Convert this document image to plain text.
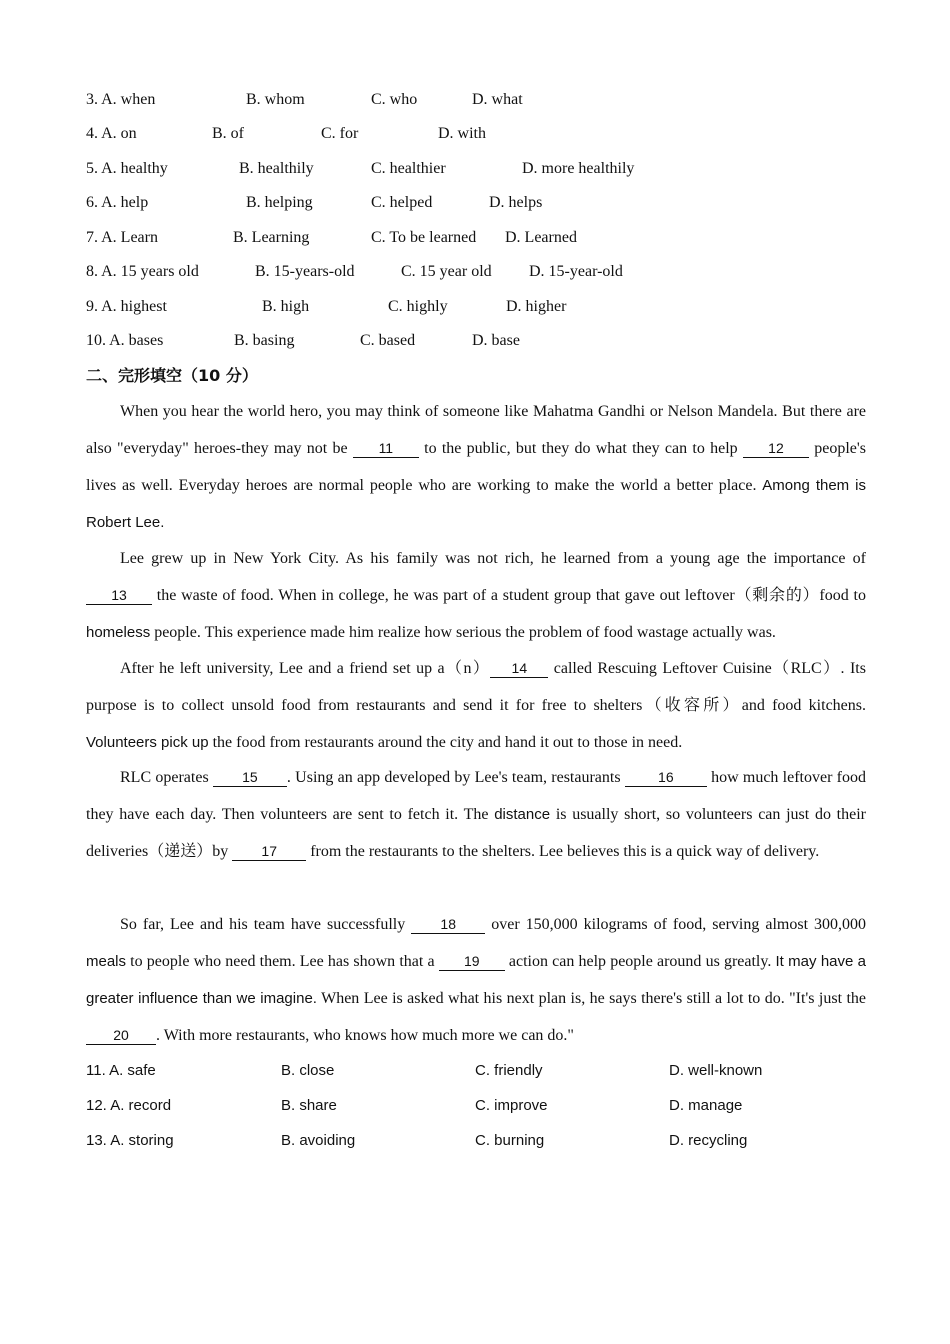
3. A. when	B. whom	C. who	D. what
4. A. on	B. of	C. for	D. with
5. A. healthy	B. healthily	C. healthier	D. more healthily
6. A. help	B. helping	C. helped	D. helps
7. A. Learn	B. Learning	C. To be learned D. Learned
8. A. 15 years old	B. 15-years-old	C. 15 year old D. 15-year-old
9. A. highest	B. high	C. highly	D. higher
10. A. bases	B. basing	C. based	D. base
二、完形填空（10 分）
When you hear the world hero, you may think of someone like Mahatma Gandhi or Nelson Mandela. But there are also "everyday" heroes-they may not be 11 to the public, but they do what they can to help 12 people's lives as well. Everyday heroes are normal people who are working to make the world a better place. Among them is Robert Lee.
Lee grew up in New York City. As his family was not rich, he learned from a young age the importance of 13 the waste of food. When in college, he was part of a student group that gave out leftover（剩余的）food to homeless people. This experience made him realize how serious the problem of food wastage actually was.
After he left university, Lee and a friend set up a（n） 14 called Rescuing Leftover Cuisine（RLC）. Its purpose is to collect unsold food from restaurants and send it for free to shelters（收容所）and food kitchens. Volunteers pick up the food from restaurants around the city and hand it out to those in need.
RLC operates 15 . Using an app developed by Lee's team, restaurants 16 how much leftover food they have each day. Then volunteers are sent to fetch it. The distance is usually short, so volunteers can just do their deliveries（递送）by 17 from the restaurants to the shelters. Lee believes this is a quick way of delivery.
So far, Lee and his team have successfully 18 over 150,000 kilograms of food, serving almost 300,000 meals to people who need them. Lee has shown that a 19 action can help people around us greatly. It may have a greater influence than we imagine. When Lee is asked what his next plan is, he says there's still a lot to do. "It's just the 20 . With more restaurants, who knows how much more we can do."
11. A. safe	B. close	C. friendly	D. well-known
12. A. record	B. share	C. improve	D. manage
13. A. storing	B. avoiding	C. burning	D. recycling
